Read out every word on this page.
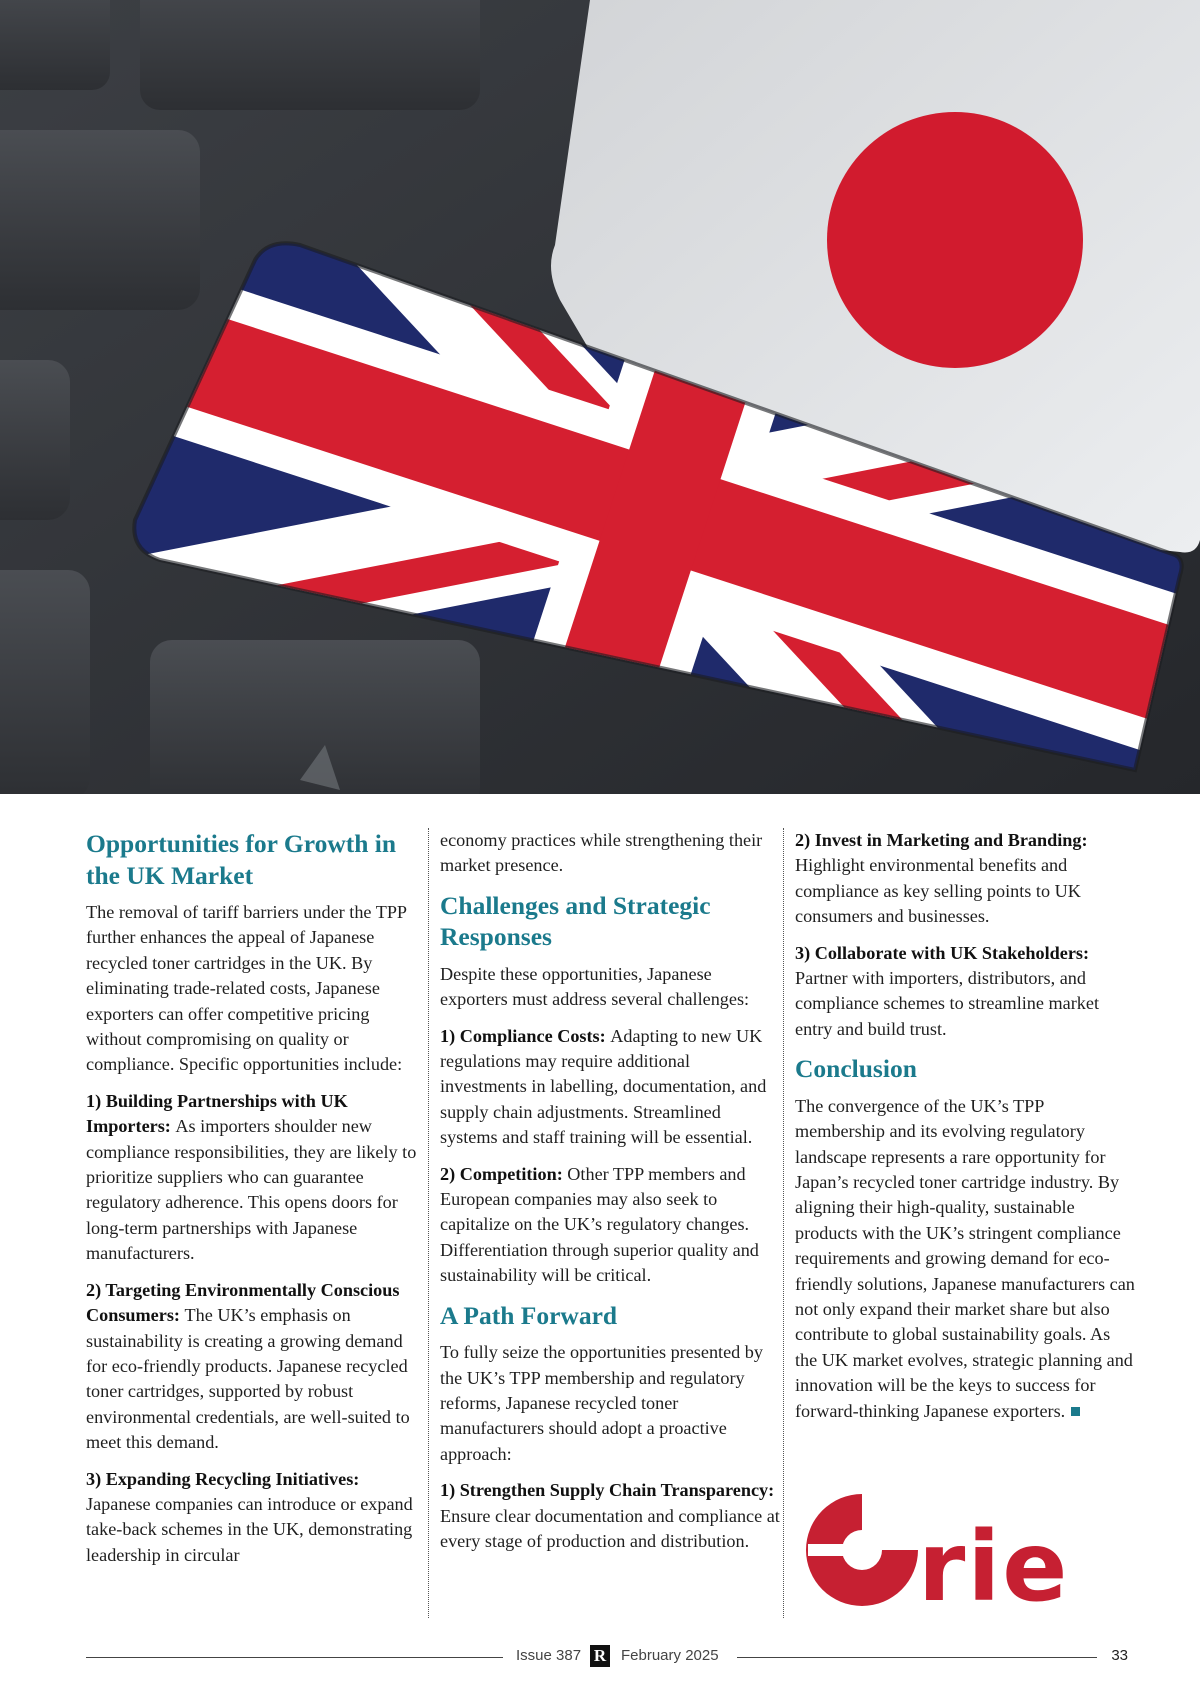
Opportunities for Growth in the UK Market

The removal of tariff barriers under the TPP further enhances the appeal of Japanese recycled toner cartridges in the UK. By eliminating trade-related costs, Japanese exporters can offer competitive pricing without compromising on quality or compliance. Specific opportunities include:

1) Building Partnerships with UK Importers: As importers shoulder new compliance responsibilities, they are likely to prioritize suppliers who can guarantee regulatory adherence. This opens doors for long-term partnerships with Japanese manufacturers.

2) Targeting Environmentally Conscious Consumers: The UK’s emphasis on sustainability is creating a growing demand for eco-friendly products. Japanese recycled toner cartridges, supported by robust environmental credentials, are well-suited to meet this demand.

3) Expanding Recycling Initiatives: Japanese companies can introduce or expand take-back schemes in the UK, demonstrating leadership in circular

economy practices while strengthening their market presence.

Challenges and Strategic Responses

Despite these opportunities, Japanese exporters must address several challenges:

1) Compliance Costs: Adapting to new UK regulations may require additional investments in labelling, documentation, and supply chain adjustments. Streamlined systems and staff training will be essential.

2) Competition: Other TPP members and European companies may also seek to capitalize on the UK’s regulatory changes. Differentiation through superior quality and sustainability will be critical.

A Path Forward

To fully seize the opportunities presented by the UK’s TPP membership and regulatory reforms, Japanese recycled toner manufacturers should adopt a proactive approach:

1) Strengthen Supply Chain Transparency: Ensure clear documentation and compliance at every stage of production and distribution.

2) Invest in Marketing and Branding: Highlight environmental benefits and compliance as key selling points to UK consumers and businesses.

3) Collaborate with UK Stakeholders: Partner with importers, distributors, and compliance schemes to streamline market entry and build trust.

Conclusion

The convergence of the UK’s TPP membership and its evolving regulatory landscape represents a rare opportunity for Japan’s recycled toner cartridge industry. By aligning their high-quality, sustainable products with the UK’s stringent compliance requirements and growing demand for eco-friendly solutions, Japanese manufacturers can not only expand their market share but also contribute to global sustainability goals. As the UK market evolves, strategic planning and innovation will be the keys to success for forward-thinking Japanese exporters.

rie
Issue 387 R February 2025	33
